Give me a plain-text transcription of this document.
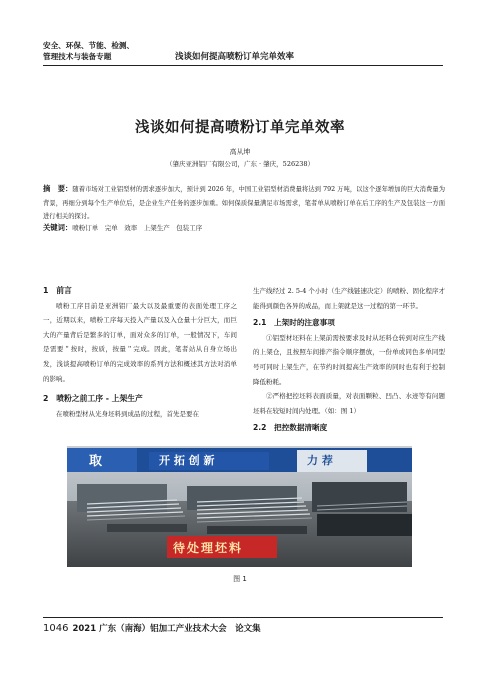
安全、环保、节能、检测、
管理技术与装备专题	浅谈如何提高喷粉订单完单效率
浅谈如何提高喷粉订单完单效率
高从坤
（肇庆亚洲铝厂有限公司，广东 · 肇庆，526238）
摘　要：随着市场对工业铝型材的需求逐步加大，预计到 2026 年，中国工业铝型材消费量将达到 792 万吨，以这个逐年增加的巨大消费量为背景，再细分到每个生产单位后，是企业生产任务的逐步加重。如何保质保量满足市场需求，笔者单从喷粉订单在后工序的生产及包装这一方面进行相关的探讨。
关键词：喷粉订单　完单　效率　上架生产　包装工序
1　前言

喷粉工序目前是亚洲铝厂最大以及最重要的表面处理工序之一，近期以来，喷粉工序每天投入产量以及入仓量十分巨大，而巨大的产量背后是繁多的订单，面对众多的订单，一般情况下，车间是需要＂按时，按质，按量＂完成。因此，笔者站从自身立场出发，浅谈提高喷粉订单的完成效率的系列方法和概述其方法对消单的影响。

2　喷粉之前工序 - 上架生产

在喷粉型材从光身坯料到成品的过程，首先是要在

生产线经过 2. 5-4 个小时（生产线链速决定）的喷粉、固化程序才能得到颜色各异的成品，而上架就是这一过程的第一环节。
2.1　上架时的注意事项

①铝型材坯料在上架前需按要求及时从坯料仓转到对应生产线的上架仓，且按照车间排产指令顺序摆放，一份单或同色多单同型号可同时上架生产，在节约时间提高生产效率的同时也有利于控制降低粉耗。

②严格把控坯料表面质量，对表面颗粒、凹凸、水迹等有问题坯料在较短时间内处理。（如：图 1）

2.2　把控数据清晰度
取	开 拓 创 新	力 荐
待处理坯料
图 1
1046 2021 广东（南海）铝加工产业技术大会　论文集
